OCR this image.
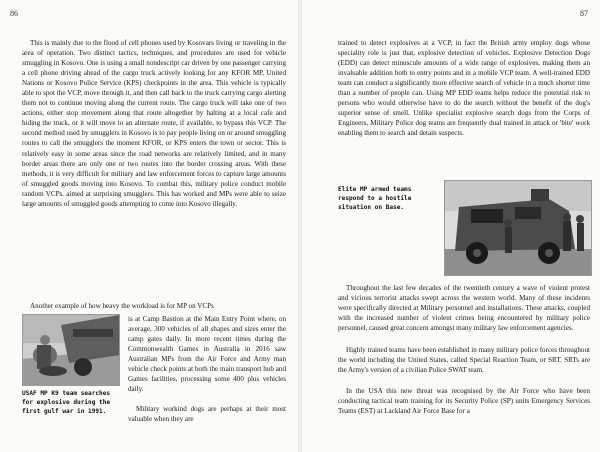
86

This is mainly due to the flood of cell phones used by Kosovars living or traveling in the area of operation. Two distinct tactics, techniques, and procedures are used for vehicle smuggling in Kosovo. One is using a small nondescript car driven by one passenger carrying a cell phone driving ahead of the cargo truck actively looking for any KFOR MP, United Nations or Kosovo Police Service (KPS) checkpoints in the area. This vehicle is typically able to spot the VCP, move through it, and then call back to the truck carrying cargo alerting them not to continue moving along the current route. The cargo truck will take one of two actions, either stop movement along that route altogether by halting at a local cafe and hiding the truck, or it will move to an alternate route, if available, to bypass this VCP. The second method used by smugglers in Kosovo is to pay people living on or around smuggling routes to call the smugglers the moment KFOR, or KPS enters the town or sector. This is relatively easy in some areas since the road networks are relatively limited, and in many border areas there are only one or two routes into the border crossing areas. With these methods, it is very difficult for military and law enforcement forces to capture large amounts of smuggled goods moving into Kosovo. To combat this, military police conduct mobile random VCPs. aimed at surprising smugglers. This has worked and MPs were able to seize large amounts of smuggled goods attempting to come into Kosovo illegally.

Another example of how heavy the workload is for MP on VCPs

USAF MP K9 team searches for explosive during the first gulf war in 1991.

is at Camp Bastion at the Main Entry Point where, on average, 300 vehicles of all shapes and sizes enter the camp gates daily. In more recent times during the Commonwealth Games in Australia in 2016 saw Australian MPs from the Air Force and Army man vehicle check points at both the main transport hub and Games facilities, processing some 400 plus vehicles daily.

Military workind dogs are perhaps at their most valuable when they are

87

trained to detect explosives at a VCP, in fact the British army employ dogs whose speciality role is just that, explosive detection of vehicles. Explosive Detection Dogs (EDD) can detect minuscule amounts of a wide range of explosives, making them an invaluable addition both to entry points and in a mobile VCP team. A well-trained EDD team can conduct a significantly more effective search of vehicle in a much shorter time than a number of people can. Using MP EDD teams helps reduce the potential risk to persons who would otherwise have to do the search without the benefit of the dog's superior sense of smell. Unlike specialist explosive search dogs from the Corps of Engineers, Military Police dog teams are frequently dual trained in attack or 'bite' work enabling them to search and detain suspects.

Elite MP armed teams respond to a hostile situation on Base.

Throughout the last few decades of the twentieth century a wave of violent protest and vicious terrorist attacks swept across the western world. Many of these incidents were specifically directed at Military personnel and installations. These attacks, coupled with the increased number of violent crimes being encountered by military police personnel, caused great concern amongst many military law enforcement agencies.

Highly trained teams have been established in many military police forces throughout the world including the United States, called Special Reaction Team, or SRT. SRTs are the Army's version of a civilian Police SWAT team.

In the USA this new threat was recognised by the Air Force who have been conducting tactical team training for its Security Police (SP) units Emergency Services Teams (EST) at Lackland Air Force Base for a
